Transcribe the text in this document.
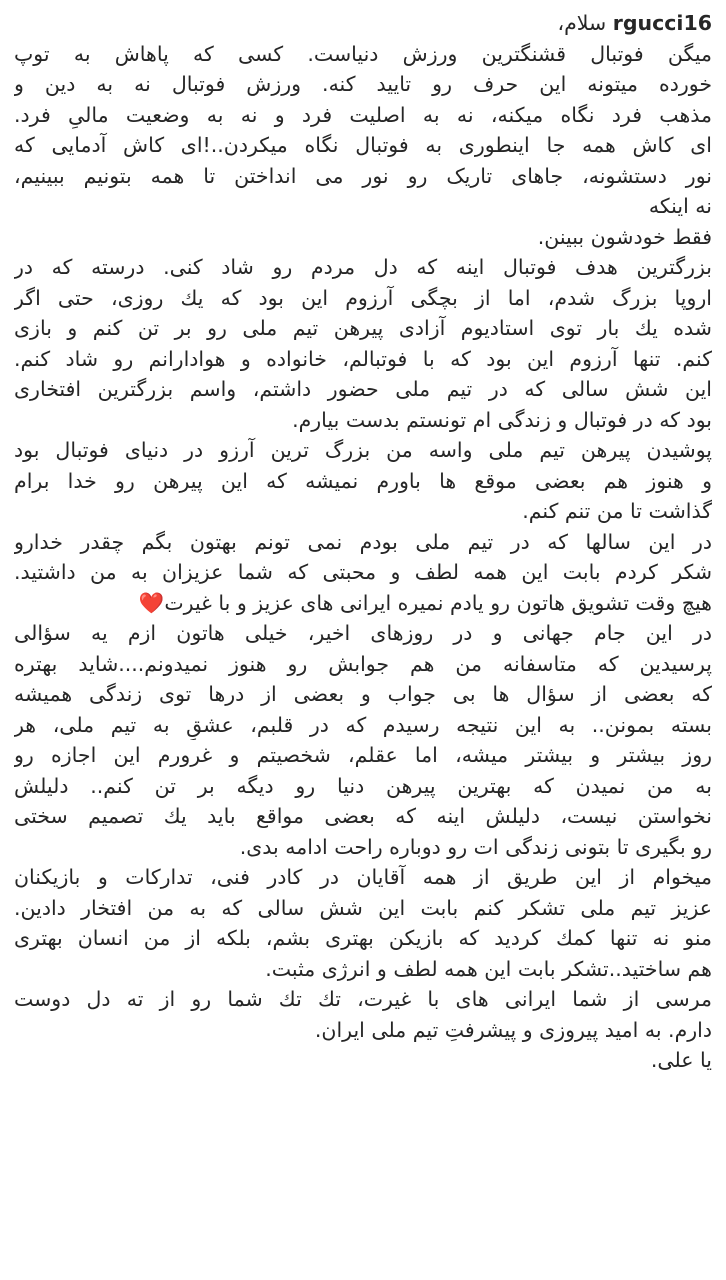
rgucci16 سلام،
میگن فوتبال قشنگترین ورزش دنیاست. کسی که پاهاش به توپ
خورده میتونه این حرف رو تایید کنه. ورزش فوتبال نه به دین و
مذهب فرد نگاه میکنه، نه به اصلیت فرد و نه به وضعیت مالیِ فرد.
ای کاش همه جا اینطوری به فوتبال نگاه میکردن..!ای کاش آدمایی که
نور دستشونه، جاهای تاریک رو نور می انداختن تا همه بتونیم ببینیم،
نه اینکه
فقط خودشون ببینن.
بزرگترین هدف فوتبال اینه که دل مردم رو شاد کنی. درسته که در
اروپا بزرگ شدم، اما از بچگی آرزوم این بود که یك روزی، حتی اگر
شده یك بار توی استادیوم آزادی پیرهن تیم ملی رو بر تن کنم و بازی
کنم. تنها آرزوم این بود که با فوتبالم، خانواده و هوادارانم رو شاد کنم.
این شش سالی که در تیم ملی حضور داشتم، واسم بزرگترین افتخاری
بود که در فوتبال و زندگی ام تونستم بدست بیارم.
پوشیدن پیرهن تیم ملی واسه من بزرگ ترین آرزو در دنیای فوتبال بود
و هنوز هم بعضی موقع ها باورم نمیشه که این پیرهن رو خدا برام
گذاشت تا من تنم کنم.
در این سالها که در تیم ملی بودم نمی تونم بهتون بگم چقدر خدارو
شکر کردم بابت این همه لطف و محبتی که شما عزیزان به من داشتید.
هیچ وقت تشویق هاتون رو یادم نمیره ایرانی های عزیز و با غیرت❤️
در این جام جهانی و در روزهای اخیر، خیلی هاتون ازم یه سؤالی
پرسیدین که متاسفانه من هم جوابش رو هنوز نمیدونم....شاید بهتره
که بعضی از سؤال ها بی جواب و بعضی از درها توی زندگی همیشه
بسته بمونن.. به این نتیجه رسیدم که در قلبم، عشقِ به تیم ملی، هر
روز بیشتر و بیشتر میشه، اما عقلم، شخصیتم و غرورم این اجازه رو
به من نمیدن که بهترین پیرهن دنیا رو دیگه بر تن کنم.. دلیلش
نخواستن نیست، دلیلش اینه که بعضی مواقع باید یك تصمیم سختی
رو بگیری تا بتونی زندگی ات رو دوباره راحت ادامه بدی.
میخوام از این طریق از همه آقایان در کادر فنی، تدارکات و بازیکنان
عزیز تیم ملی تشکر کنم بابت این شش سالی که به من افتخار دادین.
منو نه تنها کمك کردید که بازیکن بهتری بشم، بلکه از من انسان بهتری
هم ساختید..تشکر بابت این همه لطف و انرژی مثبت.
مرسی از شما ایرانی های با غیرت، تك تك شما رو از ته دل دوست
دارم. به امید پیروزی و پیشرفتِ تیم ملی ایران.
یا علی.
